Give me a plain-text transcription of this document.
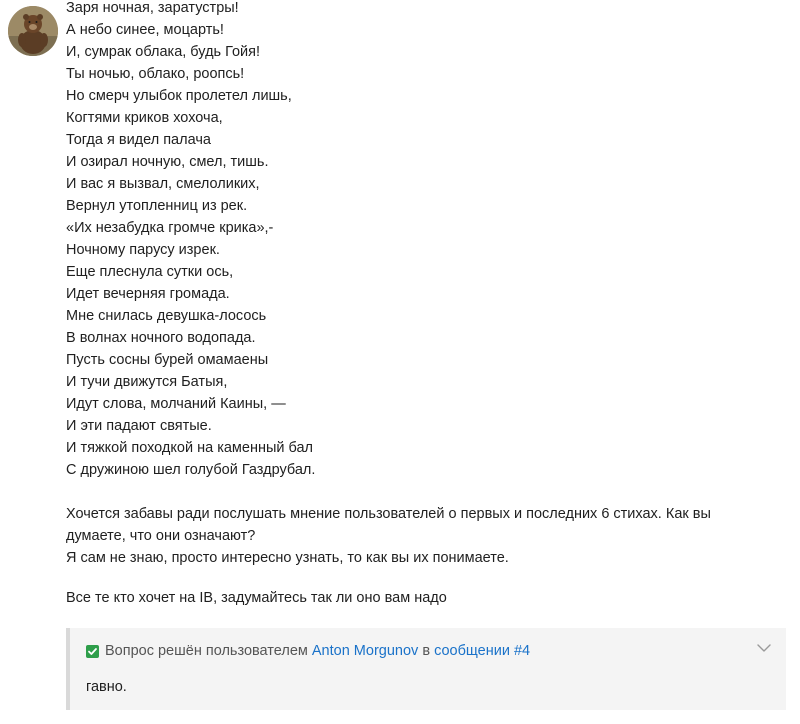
Заря ночная, заратустры!
А небо синее, моцарть!
И, сумрак облака, будь Гойя!
Ты ночью, облако, роопсь!
Но смерч улыбок пролетел лишь,
Когтями криков хохоча,
Тогда я видел палача
И озирал ночную, смел, тишь.
И вас я вызвал, смелоликих,
Вернул утопленниц из рек.
«Их незабудка громче крика»,-
Ночному парусу изрек.
Еще плеснула сутки ось,
Идет вечерняя громада.
Мне снилась девушка-лосось
В волнах ночного водопада.
Пусть сосны бурей омамаены
И тучи движутся Батыя,
Идут слова, молчаний Каины, —
И эти падают святые.
И тяжкой походкой на каменный бал
С дружиною шел голубой Газдрубал.

Хочется забавы ради послушать мнение пользователей о первых и последних 6 стихах. Как вы
думаете, что они означают?
Я сам не знаю, просто интересно узнать, то как вы их понимаете.

Все те кто хочет на IB, задумайтесь так ли оно вам надо

Вопрос решён пользователем
Anton Morgunov
в
сообщении #4
гавно.
